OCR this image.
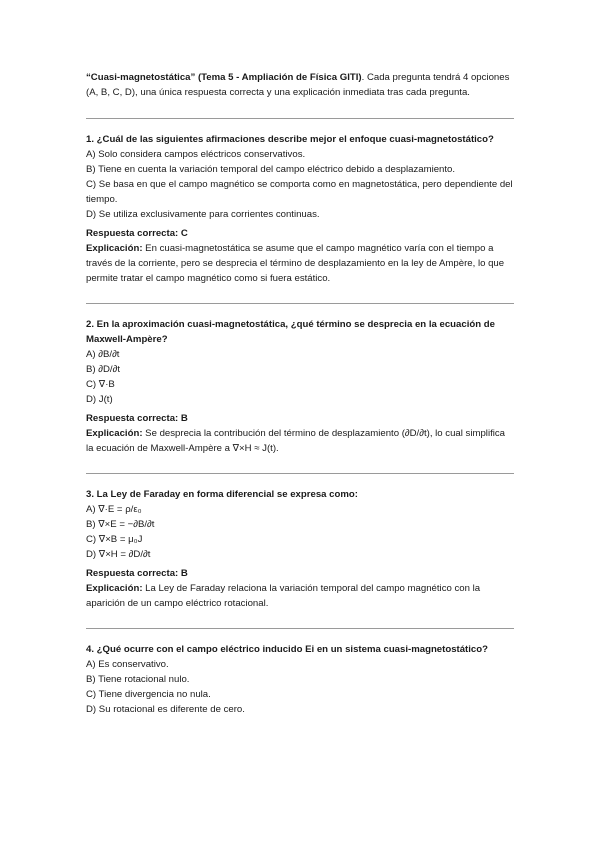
“Cuasi-magnetostática” (Tema 5 - Ampliación de Física GITI). Cada pregunta tendrá 4 opciones (A, B, C, D), una única respuesta correcta y una explicación inmediata tras cada pregunta.

1. ¿Cuál de las siguientes afirmaciones describe mejor el enfoque cuasi-magnetostático?

A) Solo considera campos eléctricos conservativos.

B) Tiene en cuenta la variación temporal del campo eléctrico debido a desplazamiento.

C) Se basa en que el campo magnético se comporta como en magnetostática, pero dependiente del tiempo.

D) Se utiliza exclusivamente para corrientes continuas.

Respuesta correcta: C

Explicación: En cuasi-magnetostática se asume que el campo magnético varía con el tiempo a través de la corriente, pero se desprecia el término de desplazamiento en la ley de Ampère, lo que permite tratar el campo magnético como si fuera estático.

2. En la aproximación cuasi-magnetostática, ¿qué término se desprecia en la ecuación de Maxwell-Ampère?

A) ∂B/∂t

B) ∂D/∂t

C) ∇·B

D) J(t)

Respuesta correcta: B

Explicación: Se desprecia la contribución del término de desplazamiento (∂D/∂t), lo cual simplifica la ecuación de Maxwell-Ampère a ∇×H ≈ J(t).

3. La Ley de Faraday en forma diferencial se expresa como:

A) ∇·E = ρ/ε₀

B) ∇×E = −∂B/∂t

C) ∇×B = μ₀J

D) ∇×H = ∂D/∂t

Respuesta correcta: B

Explicación: La Ley de Faraday relaciona la variación temporal del campo magnético con la aparición de un campo eléctrico rotacional.

4. ¿Qué ocurre con el campo eléctrico inducido Ei en un sistema cuasi-magnetostático?

A) Es conservativo.

B) Tiene rotacional nulo.

C) Tiene divergencia no nula.

D) Su rotacional es diferente de cero.
